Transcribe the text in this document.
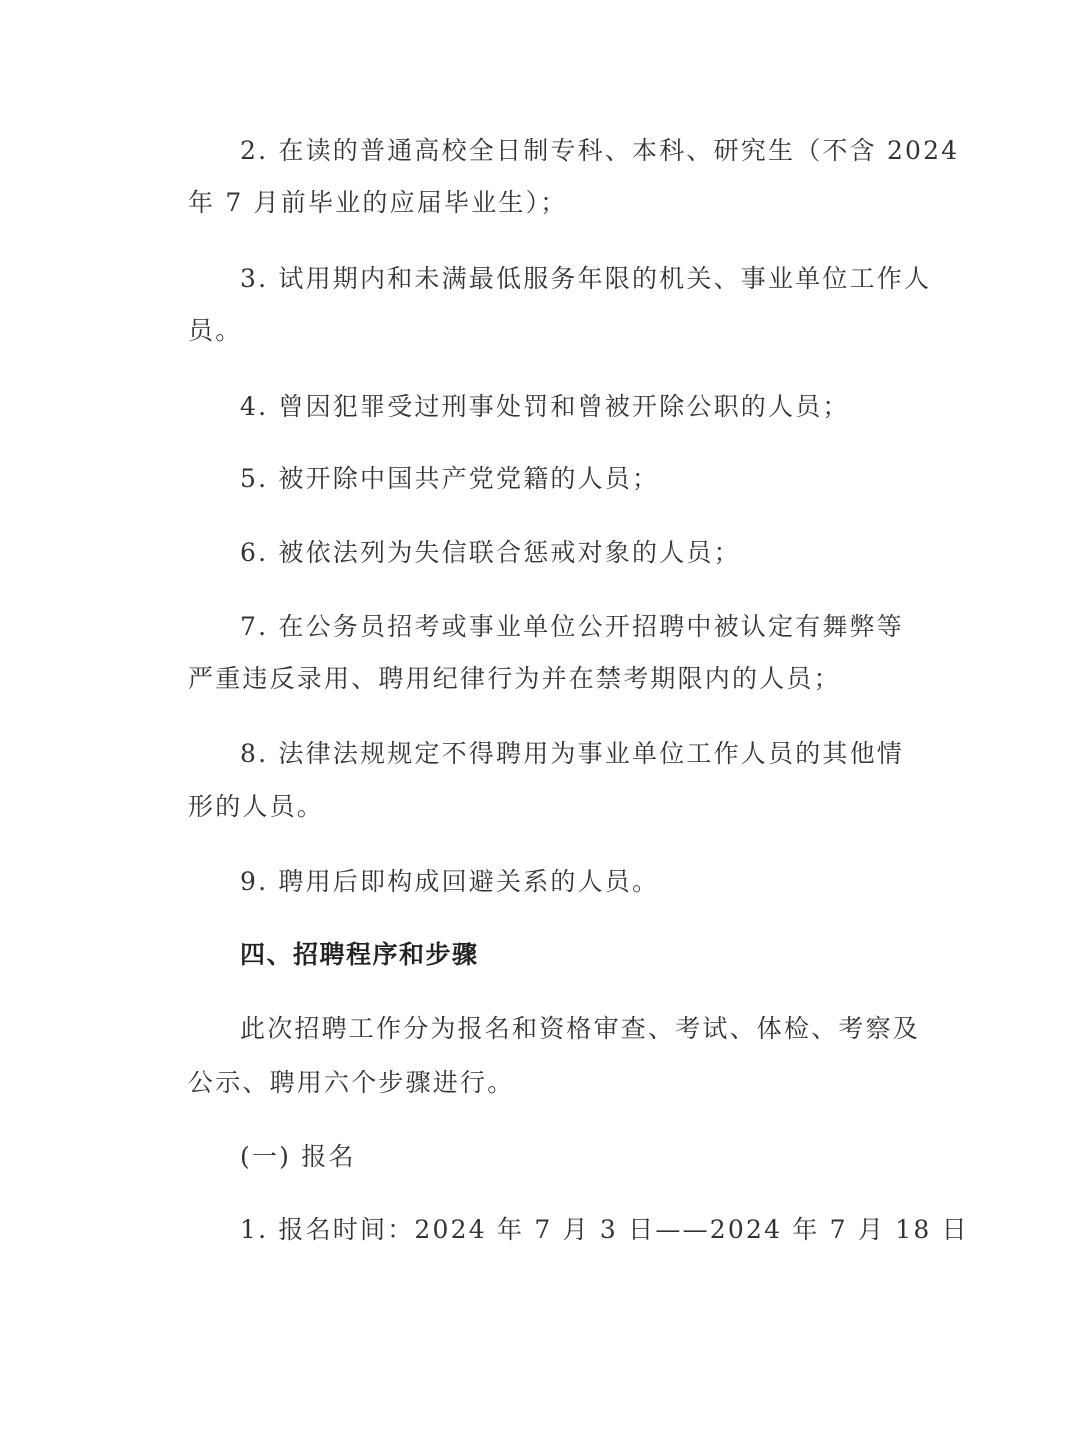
2. 在读的普通高校全日制专科、本科、研究生（不含 2024
年 7 月前毕业的应届毕业生）；
3. 试用期内和未满最低服务年限的机关、事业单位工作人
员。
4. 曾因犯罪受过刑事处罚和曾被开除公职的人员；
5. 被开除中国共产党党籍的人员；
6. 被依法列为失信联合惩戒对象的人员；
7. 在公务员招考或事业单位公开招聘中被认定有舞弊等
严重违反录用、聘用纪律行为并在禁考期限内的人员；
8. 法律法规规定不得聘用为事业单位工作人员的其他情
形的人员。
9. 聘用后即构成回避关系的人员。
四、招聘程序和步骤
此次招聘工作分为报名和资格审查、考试、体检、考察及
公示、聘用六个步骤进行。
(一) 报名
1. 报名时间：2024 年 7 月 3 日——2024 年 7 月 18 日
